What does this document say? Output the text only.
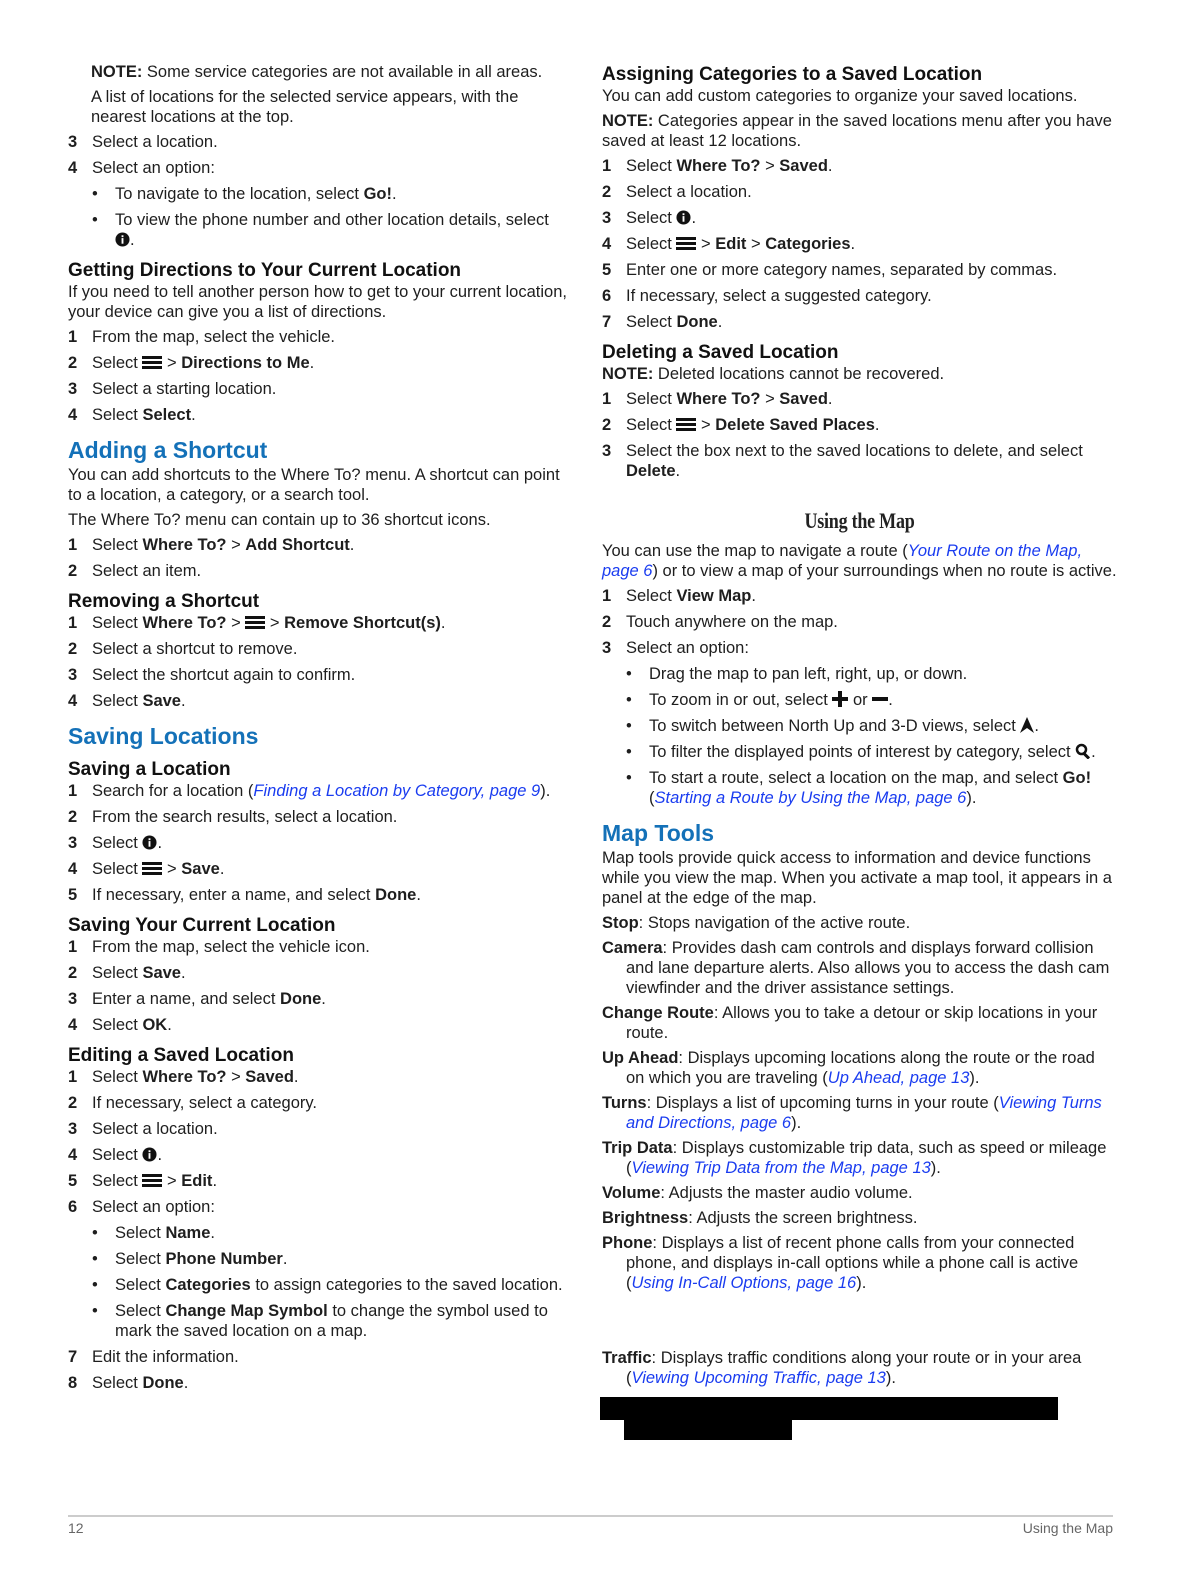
NOTE: Some service categories are not available in all areas.

A list of locations for the selected service appears, with the nearest locations at the top.

3 Select a location.
4 Select an option:
• To navigate to the location, select Go!.
• To view the phone number and other location details, select .
Getting Directions to Your Current Location

If you need to tell another person how to get to your current location, your device can give you a list of directions.

1 From the map, select the vehicle.
2 Select  > Directions to Me.
3 Select a starting location.
4 Select Select.
Adding a Shortcut

You can add shortcuts to the Where To? menu. A shortcut can point to a location, a category, or a search tool.

The Where To? menu can contain up to 36 shortcut icons.

1 Select Where To? > Add Shortcut.
2 Select an item.
Removing a Shortcut
1 Select Where To? >  > Remove Shortcut(s).
2 Select a shortcut to remove.
3 Select the shortcut again to confirm.
4 Select Save.
Saving Locations
Saving a Location
1 Search for a location (Finding a Location by Category, page 9).
2 From the search results, select a location.
3 Select .
4 Select  > Save.
5 If necessary, enter a name, and select Done.
Saving Your Current Location
1 From the map, select the vehicle icon.
2 Select Save.
3 Enter a name, and select Done.
4 Select OK.
Editing a Saved Location
1 Select Where To? > Saved.
2 If necessary, select a category.
3 Select a location.
4 Select .
5 Select  > Edit.
6 Select an option:
• Select Name.
• Select Phone Number.
• Select Categories to assign categories to the saved location.
• Select Change Map Symbol to change the symbol used to mark the saved location on a map.
7 Edit the information.
8 Select Done.
Assigning Categories to a Saved Location

You can add custom categories to organize your saved locations.

NOTE: Categories appear in the saved locations menu after you have saved at least 12 locations.

1 Select Where To? > Saved.
2 Select a location.
3 Select .
4 Select  > Edit > Categories.
5 Enter one or more category names, separated by commas.
6 If necessary, select a suggested category.
7 Select Done.
Deleting a Saved Location

NOTE: Deleted locations cannot be recovered.

1 Select Where To? > Saved.
2 Select  > Delete Saved Places.
3 Select the box next to the saved locations to delete, and select Delete.
Using the Map

You can use the map to navigate a route (Your Route on the Map, page 6) or to view a map of your surroundings when no route is active.

1 Select View Map.
2 Touch anywhere on the map.
3 Select an option:
• Drag the map to pan left, right, up, or down.
• To zoom in or out, select  or .
• To switch between North Up and 3-D views, select .
• To filter the displayed points of interest by category, select .
• To start a route, select a location on the map, and select Go! (Starting a Route by Using the Map, page 6).
Map Tools

Map tools provide quick access to information and device functions while you view the map. When you activate a map tool, it appears in a panel at the edge of the map.

Stop: Stops navigation of the active route.

Camera: Provides dash cam controls and displays forward collision and lane departure alerts. Also allows you to access the dash cam viewfinder and the driver assistance settings.

Change Route: Allows you to take a detour or skip locations in your route.

Up Ahead: Displays upcoming locations along the route or the road on which you are traveling (Up Ahead, page 13).

Turns: Displays a list of upcoming turns in your route (Viewing Turns and Directions, page 6).

Trip Data: Displays customizable trip data, such as speed or mileage (Viewing Trip Data from the Map, page 13).

Volume: Adjusts the master audio volume.

Brightness: Adjusts the screen brightness.

Phone: Displays a list of recent phone calls from your connected phone, and displays in-call options while a phone call is active (Using In-Call Options, page 16).

Traffic: Displays traffic conditions along your route or in your area (Viewing Upcoming Traffic, page 13).

12	Using the Map
